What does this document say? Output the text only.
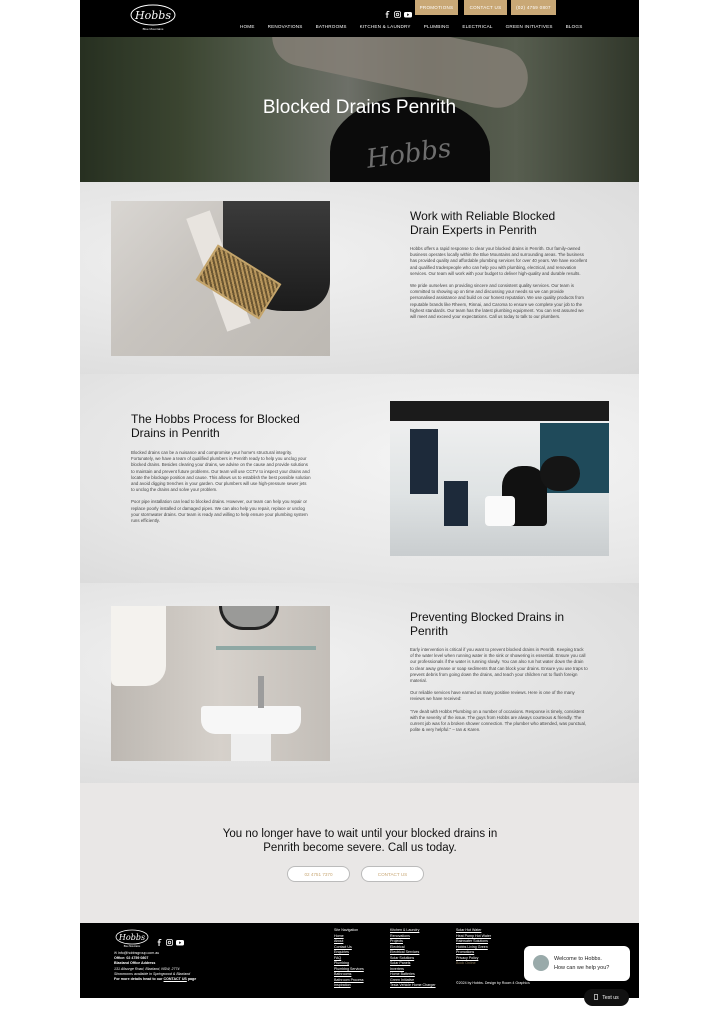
Hobbs
Blue Mountains
PROMOTIONS	CONTACT US	(02) 4759 0807
HOME	RENOVATIONS	BATHROOMS	KITCHEN & LAUNDRY	PLUMBING	ELECTRICAL	GREEN INITIATIVES	BLOGS
Hobbs
Blocked Drains Penrith
Work with Reliable Blocked Drain Experts in Penrith

Hobbs offers a rapid response to clear your blocked drains in Penrith. Our family-owned business operates locally within the Blue Mountains and surrounding areas. The business has provided quality and affordable plumbing services for over 40 years. We have excellent and qualified tradespeople who can help you with plumbing, electrical, and renovation services. Our team will work with your budget to deliver high-quality and durable results.

We pride ourselves on providing sincere and consistent quality services. Our team is committed to showing up on time and discussing your needs so we can provide personalised assistance and build on our honest reputation. We use quality products from reputable brands like Rheem, Rinnai, and Caroma to ensure we complete your job to the highest standards. Our team has the latest plumbing equipment. You can rest assured we will meet and exceed your expectations. Call us today to talk to our plumbers.

The Hobbs Process for Blocked Drains in Penrith

Blocked drains can be a nuisance and compromise your home's structural integrity. Fortunately, we have a team of qualified plumbers in Penrith ready to help you unclog your blocked drains. Besides clearing your drains, we advise on the cause and provide solutions to maintain and prevent future problems. Our team will use CCTV to inspect your drains and locate the blockage position and cause. This allows us to establish the best possible solution and avoid digging trenches in your garden. Our plumbers will use high-pressure sewer jets to unclog the drains and solve your problem.

Poor pipe installation can lead to blocked drains. However, our team can help you repair or replace poorly installed or damaged pipes. We can also help you repair, replace or unclog your stormwater drains. Our team is ready and willing to help ensure your plumbing system runs efficiently.

Preventing Blocked Drains in Penrith

Early intervention is critical if you want to prevent blocked drains in Penrith. Keeping track of the water level when running water in the sink or showering is essential. Ensure you call our professionals if the water is running slowly. You can also run hot water down the drain to clear away grease or soap sediments that can block your drains. Ensure you use traps to prevent debris from going down the drains, and teach your children not to flush foreign material.

Our reliable services have earned us many positive reviews. Here is one of the many reviews we have received:

"I've dealt with Hobbs Plumbing on a number of occasions. Response is timely, consistent with the severity of the issue. The guys from Hobbs are always courteous & friendly. The current job was for a broken shower connection. The plumber who attended, was punctual, polite & very helpful." – Ian & Karen.

You no longer have to wait until your blocked drains in Penrith become severe. Call us today.
02 4751 7370	CONTACT US
Hobbs
Blue Mountains
✉ info@hobbsgroup.com.au
Office: 02 4759 0807
Blaxland Office Address
131 Allsorge Road, Blaxland, NSW, 2774
Showrooms available in Springwood & Blaxland
For more details head to our CONTACT US page
Site Navigation
Home
About
Contact Us
Enquiries
FAQ
Plumbing
Plumbing Services
Bathrooms
Bathroom Process
Inspiration
Kitchen & Laundry
Renovations
Projects
Electrical
Electrical Services
Solar Solutions
Solar Panels
Inverters
Home Batteries
Green Initiative
Tesla Vehicle Home Charger
Solar Hot Water
Heat Pump Hot Water
Rainwater Solutions
Hobbs Living Green
Promotions
Privacy Policy
Book Online
©2024 by Hobbs. Design by Room 4 Graphics
Welcome to Hobbs.
How can we help you?
Text us
